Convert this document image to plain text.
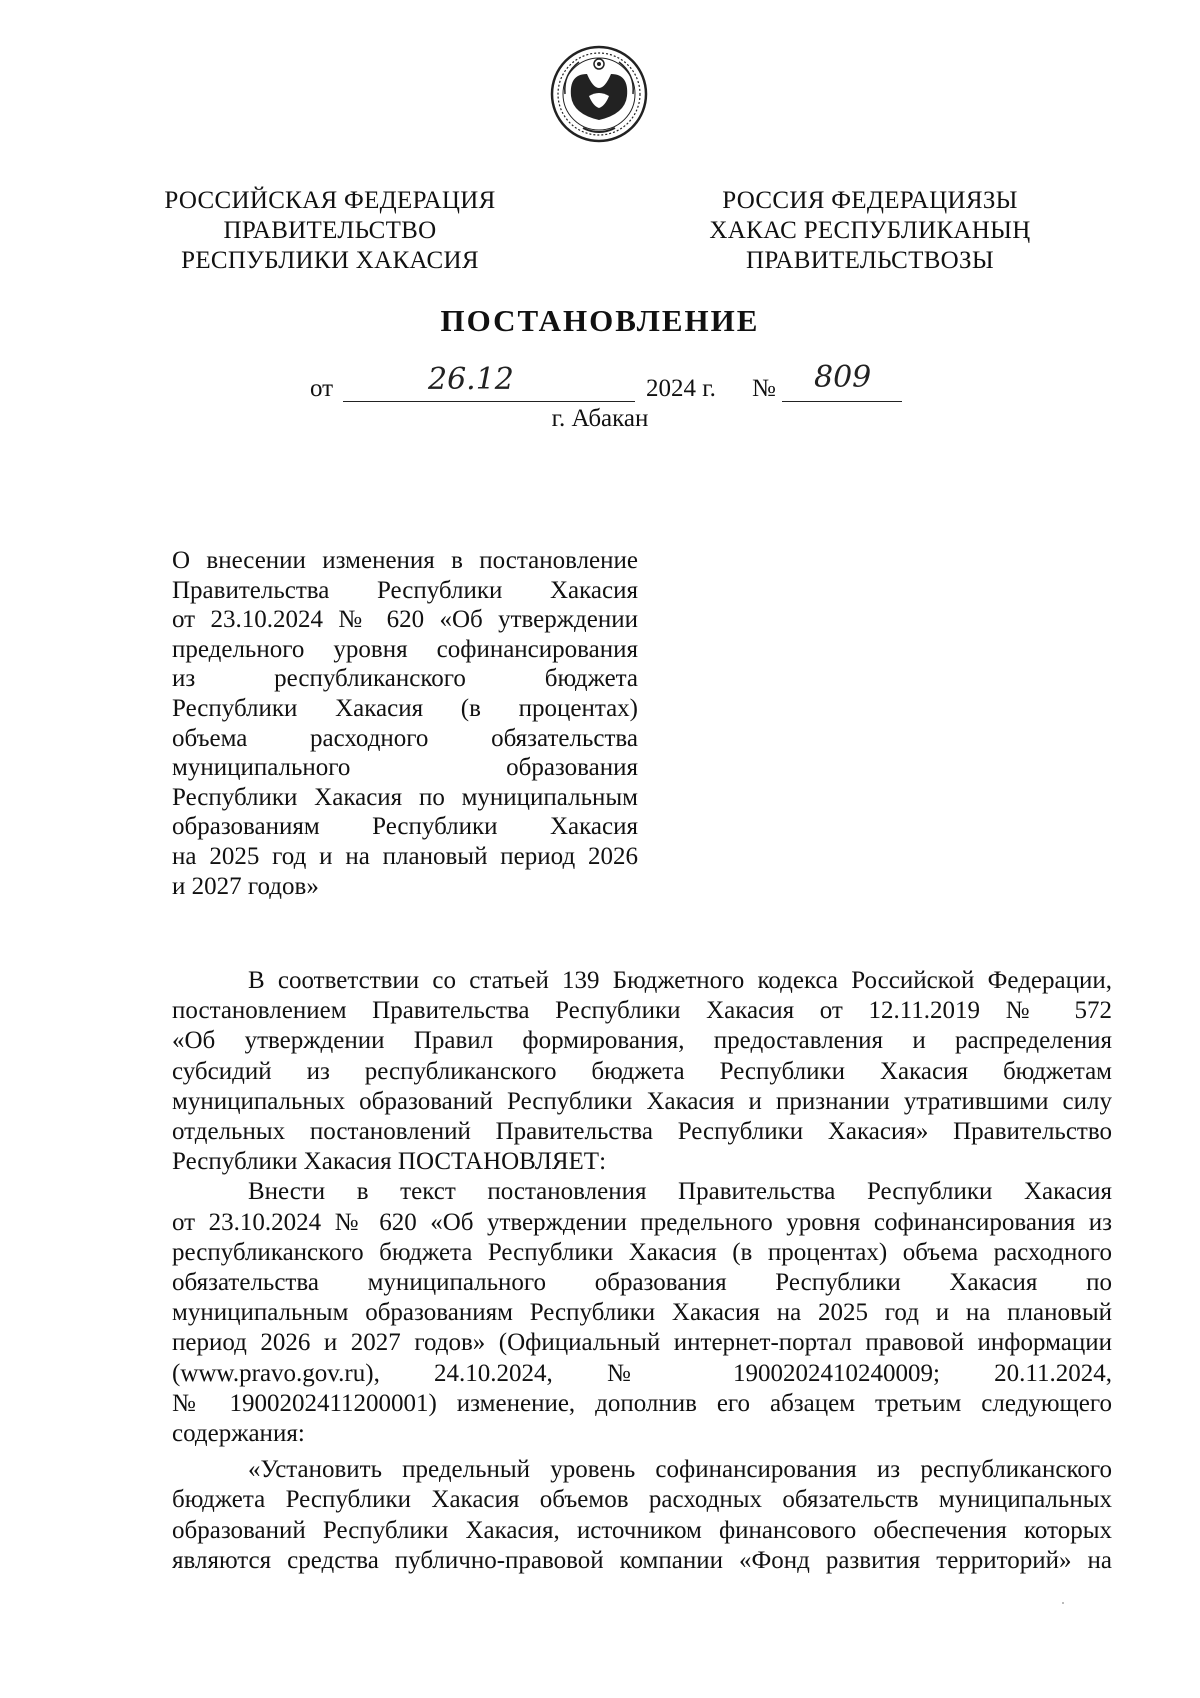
РОССИЙСКАЯ ФЕДЕРАЦИЯ
ПРАВИТЕЛЬСТВО
РЕСПУБЛИКИ ХАКАСИЯ
РОССИЯ ФЕДЕРАЦИЯЗЫ
ХАКАС РЕСПУБЛИКАНЫҢ
ПРАВИТЕЛЬСТВОЗЫ
ПОСТАНОВЛЕНИЕ
от	26.12	2024 г. № 809
г. Абакан
О внесении изменения в постановление
Правительства Республики Хакасия
от 23.10.2024 № 620 «Об утверждении
предельного уровня софинансирования
из республиканского бюджета
Республики Хакасия (в процентах)
объема расходного обязательства
муниципального образования
Республики Хакасия по муниципальным
образованиям Республики Хакасия
на 2025 год и на плановый период 2026
и 2027 годов»
В соответствии со статьей 139 Бюджетного кодекса Российской Федерации,
постановлением Правительства Республики Хакасия от 12.11.2019 № 572
«Об утверждении Правил формирования, предоставления и распределения
субсидий из республиканского бюджета Республики Хакасия бюджетам
муниципальных образований Республики Хакасия и признании утратившими силу
отдельных постановлений Правительства Республики Хакасия» Правительство
Республики Хакасия ПОСТАНОВЛЯЕТ:
Внести в текст постановления Правительства Республики Хакасия
от 23.10.2024 № 620 «Об утверждении предельного уровня софинансирования из
республиканского бюджета Республики Хакасия (в процентах) объема расходного
обязательства муниципального образования Республики Хакасия по
муниципальным образованиям Республики Хакасия на 2025 год и на плановый
период 2026 и 2027 годов» (Официальный интернет-портал правовой информации
(www.pravo.gov.ru), 24.10.2024, № 1900202410240009; 20.11.2024,
№ 1900202411200001) изменение, дополнив его абзацем третьим следующего
содержания:
«Установить предельный уровень софинансирования из республиканского
бюджета Республики Хакасия объемов расходных обязательств муниципальных
образований Республики Хакасия, источником финансового обеспечения которых
являются средства публично-правовой компании «Фонд развития территорий» на
